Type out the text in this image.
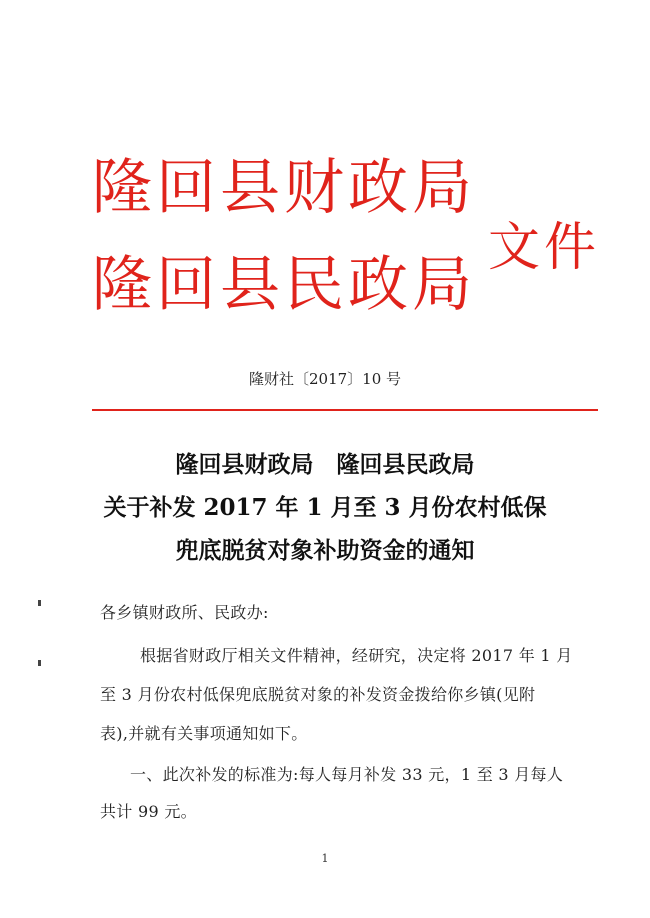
隆回县财政局
隆回县民政局
文件
隆财社〔2017〕10 号
隆回县财政局　隆回县民政局
关于补发 2017 年 1 月至 3 月份农村低保
兜底脱贫对象补助资金的通知
各乡镇财政所、民政办:
根据省财政厅相关文件精神，经研究，决定将 2017 年 1 月
至 3 月份农村低保兜底脱贫对象的补发资金拨给你乡镇(见附
表),并就有关事项通知如下。
一、此次补发的标准为:每人每月补发 33 元，1 至 3 月每人
共计 99 元。
1
